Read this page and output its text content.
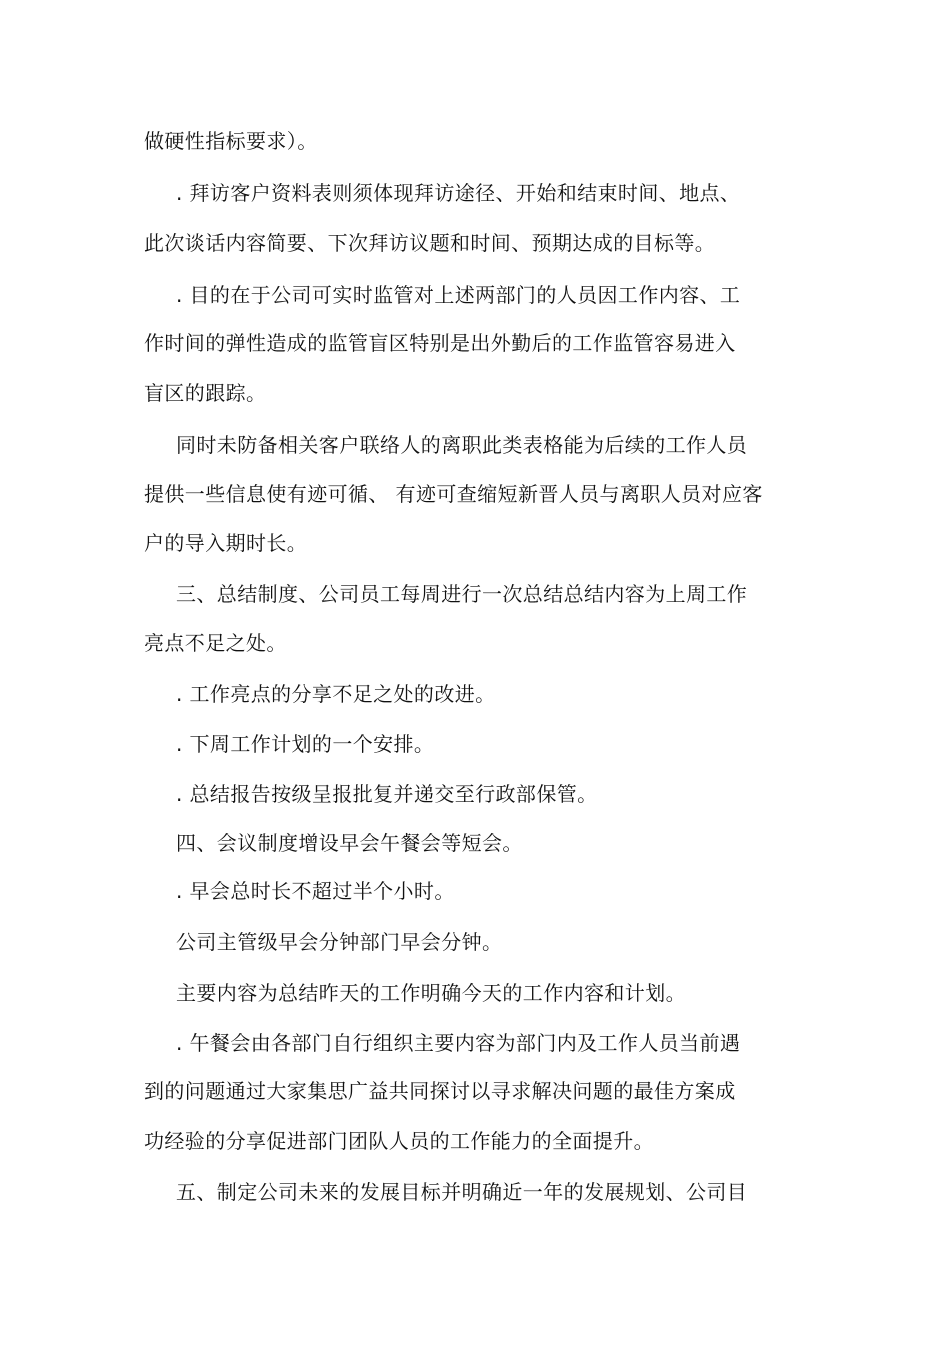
做硬性指标要求）。

. 拜访客户资料表则须体现拜访途径、开始和结束时间、地点、

此次谈话内容简要、下次拜访议题和时间、预期达成的目标等。

. 目的在于公司可实时监管对上述两部门的人员因工作内容、工

作时间的弹性造成的监管盲区特别是出外勤后的工作监管容易进入

盲区的跟踪。

同时未防备相关客户联络人的离职此类表格能为后续的工作人员

提供一些信息使有迹可循、 有迹可查缩短新晋人员与离职人员对应客

户的导入期时长。

三、总结制度、公司员工每周进行一次总结总结内容为上周工作

亮点不足之处。

. 工作亮点的分享不足之处的改进。

. 下周工作计划的一个安排。

. 总结报告按级呈报批复并递交至行政部保管。

四、会议制度增设早会午餐会等短会。

. 早会总时长不超过半个小时。

公司主管级早会分钟部门早会分钟。

主要内容为总结昨天的工作明确今天的工作内容和计划。

. 午餐会由各部门自行组织主要内容为部门内及工作人员当前遇

到的问题通过大家集思广益共同探讨以寻求解决问题的最佳方案成

功经验的分享促进部门团队人员的工作能力的全面提升。

五、制定公司未来的发展目标并明确近一年的发展规划、公司目
